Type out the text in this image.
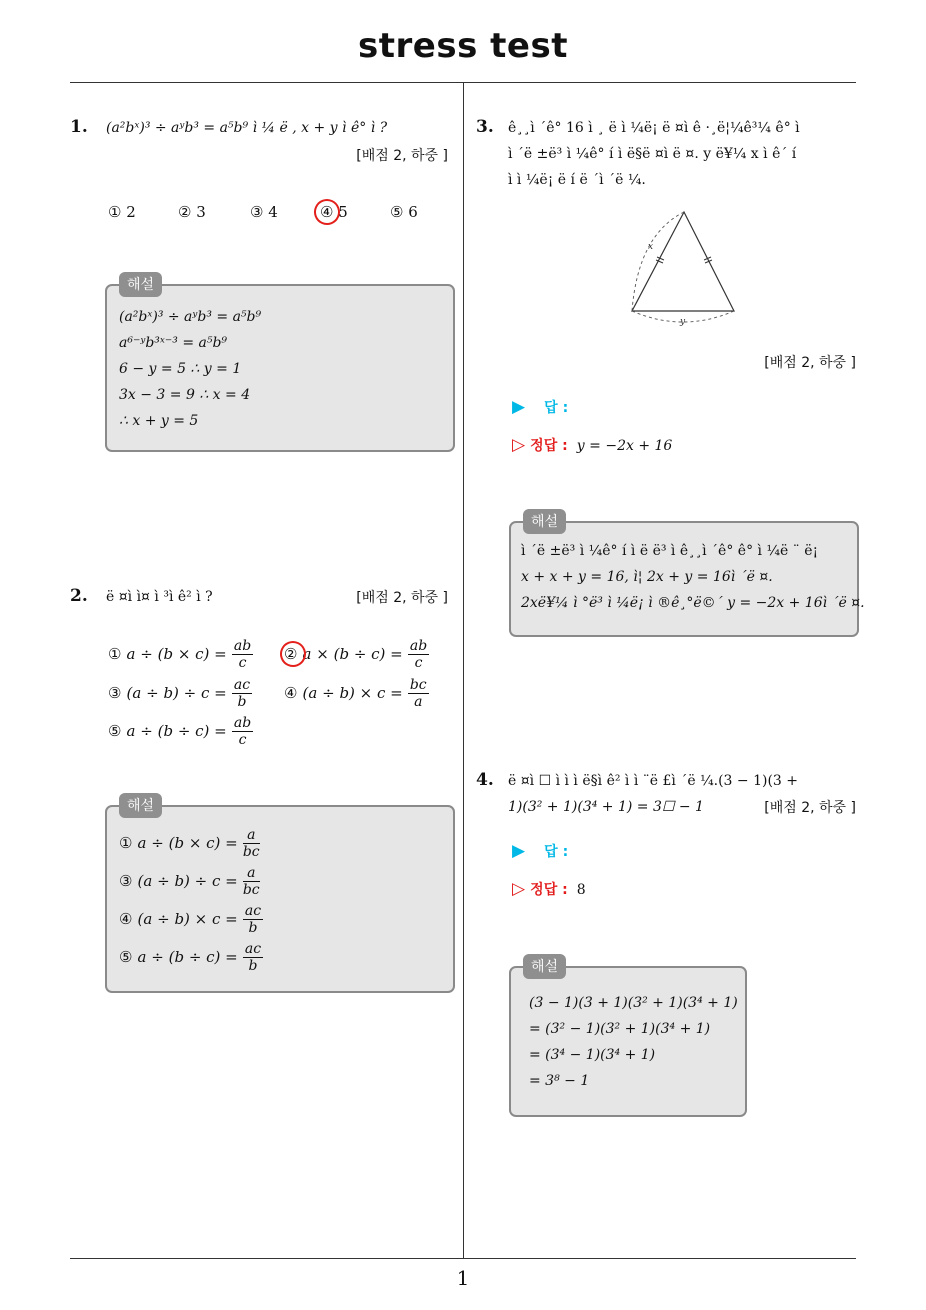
stress test
1
1. (a²bˣ)³ ÷ aʸb³ = a⁵b⁹ ì ¼ ë , x + y ì ê° ì ?
[배점 2, 하중 ]
① 2	② 3	③ 4	④ 5	⑤ 6
(a²bˣ)³ ÷ aʸb³ = a⁵b⁹
a⁶⁻ʸb³ˣ⁻³ = a⁵b⁹
6 − y = 5 ∴ y = 1
3x − 3 = 9 ∴ x = 4
∴ x + y = 5
해설
2. ë ¤ì ì¤ ì ³ì ê² ì ?	[배점 2, 하중 ]
① $a \div (b \times c) = \frac{ab}{c}$ ② $a \times (b \div c) = \frac{ab}{c}$
③ $(a \div b) \div c = \frac{ac}{b}$ ④ $(a \div b) \times c = \frac{bc}{a}$
⑤ $a \div (b \div c) = \frac{ab}{c}$
① $a \div (b \times c) = \frac{a}{bc}$
③ $(a \div b) \div c = \frac{a}{bc}$
④ $(a \div b) \times c = \frac{ac}{b}$
⑤ $a \div (b \div c) = \frac{ac}{b}$
해설
3. ê¸¸ì ´ê° 16 ì ¸ ë ì ¼ë¡ ë ¤ì ê ·¸ë¦¼ê³¼ ê° ì
ì ´ë ±ë³ ì ¼ê° í ì ë§ë ¤ì ë ¤. y ë¥¼ x ì ê´ í
ì ì ¼ë¡ ë í ë ´ì ´ë ¼.
x
y
[배점 2, 하중 ]
▶ 답 :
▷ 정답 : y = −2x + 16
ì ´ë ±ë³ ì ¼ê° í ì ë ë³ ì ê¸¸ì ´ê° ê° ì ¼ë ¨ ë¡
x + x + y = 16, ì¦ 2x + y = 16ì ´ë ¤.
2xë¥¼ ì °ë³ ì ¼ë¡ ì ®ê¸°ë©´ y = −2x + 16ì ´ë ¤.
해설
4. ë ¤ì ☐ ì ì ì ë§ì ê² ì ì ¨ë £ì ´ë ¼.(3 − 1)(3 +
1)(3² + 1)(3⁴ + 1) = 3☐ − 1	[배점 2, 하중 ]
▶ 답 :
▷ 정답 : 8
(3 − 1)(3 + 1)(3² + 1)(3⁴ + 1)
= (3² − 1)(3² + 1)(3⁴ + 1)
= (3⁴ − 1)(3⁴ + 1)
= 3⁸ − 1
해설
